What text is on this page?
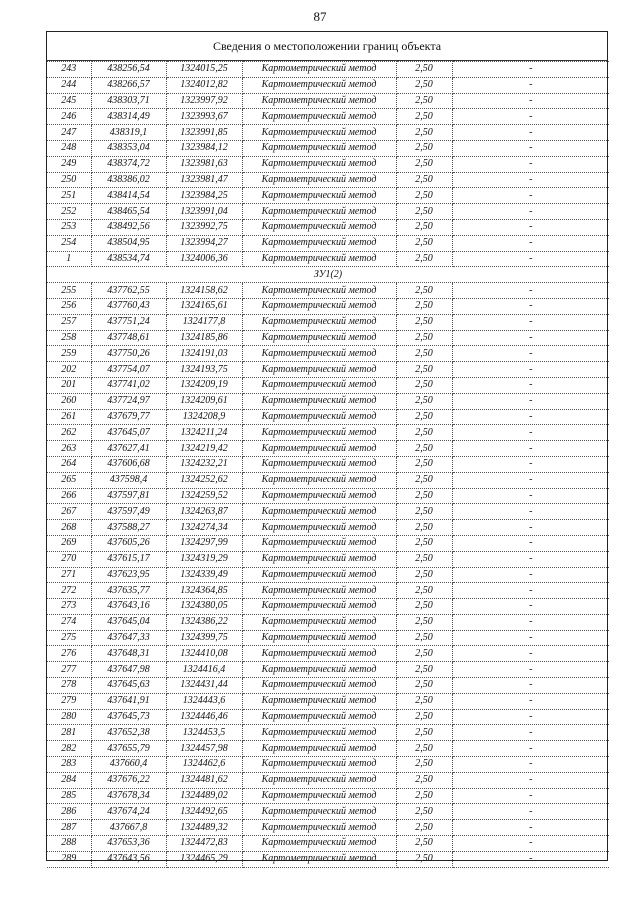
87
Сведения о местоположении границ объекта
243	438256,54	1324015,25	Картометрический метод	2,50	-
244	438266,57	1324012,82	Картометрический метод	2,50	-
245	438303,71	1323997,92	Картометрический метод	2,50	-
246	438314,49	1323993,67	Картометрический метод	2,50	-
247	438319,1	1323991,85	Картометрический метод	2,50	-
248	438353,04	1323984,12	Картометрический метод	2,50	-
249	438374,72	1323981,63	Картометрический метод	2,50	-
250	438386,02	1323981,47	Картометрический метод	2,50	-
251	438414,54	1323984,25	Картометрический метод	2,50	-
252	438465,54	1323991,04	Картометрический метод	2,50	-
253	438492,56	1323992,75	Картометрический метод	2,50	-
254	438504,95	1323994,27	Картометрический метод	2,50	-
1	438534,74	1324006,36	Картометрический метод	2,50	-
ЗУ1(2)					
255	437762,55	1324158,62	Картометрический метод	2,50	-
256	437760,43	1324165,61	Картометрический метод	2,50	-
257	437751,24	1324177,8	Картометрический метод	2,50	-
258	437748,61	1324185,86	Картометрический метод	2,50	-
259	437750,26	1324191,03	Картометрический метод	2,50	-
202	437754,07	1324193,75	Картометрический метод	2,50	-
201	437741,02	1324209,19	Картометрический метод	2,50	-
260	437724,97	1324209,61	Картометрический метод	2,50	-
261	437679,77	1324208,9	Картометрический метод	2,50	-
262	437645,07	1324211,24	Картометрический метод	2,50	-
263	437627,41	1324219,42	Картометрический метод	2,50	-
264	437606,68	1324232,21	Картометрический метод	2,50	-
265	437598,4	1324252,62	Картометрический метод	2,50	-
266	437597,81	1324259,52	Картометрический метод	2,50	-
267	437597,49	1324263,87	Картометрический метод	2,50	-
268	437588,27	1324274,34	Картометрический метод	2,50	-
269	437605,26	1324297,99	Картометрический метод	2,50	-
270	437615,17	1324319,29	Картометрический метод	2,50	-
271	437623,95	1324339,49	Картометрический метод	2,50	-
272	437635,77	1324364,85	Картометрический метод	2,50	-
273	437643,16	1324380,05	Картометрический метод	2,50	-
274	437645,04	1324386,22	Картометрический метод	2,50	-
275	437647,33	1324399,75	Картометрический метод	2,50	-
276	437648,31	1324410,08	Картометрический метод	2,50	-
277	437647,98	1324416,4	Картометрический метод	2,50	-
278	437645,63	1324431,44	Картометрический метод	2,50	-
279	437641,91	1324443,6	Картометрический метод	2,50	-
280	437645,73	1324446,46	Картометрический метод	2,50	-
281	437652,38	1324453,5	Картометрический метод	2,50	-
282	437655,79	1324457,98	Картометрический метод	2,50	-
283	437660,4	1324462,6	Картометрический метод	2,50	-
284	437676,22	1324481,62	Картометрический метод	2,50	-
285	437678,34	1324489,02	Картометрический метод	2,50	-
286	437674,24	1324492,65	Картометрический метод	2,50	-
287	437667,8	1324489,32	Картометрический метод	2,50	-
288	437653,36	1324472,83	Картометрический метод	2,50	-
289	437643,56	1324465,29	Картометрический метод	2,50	-
